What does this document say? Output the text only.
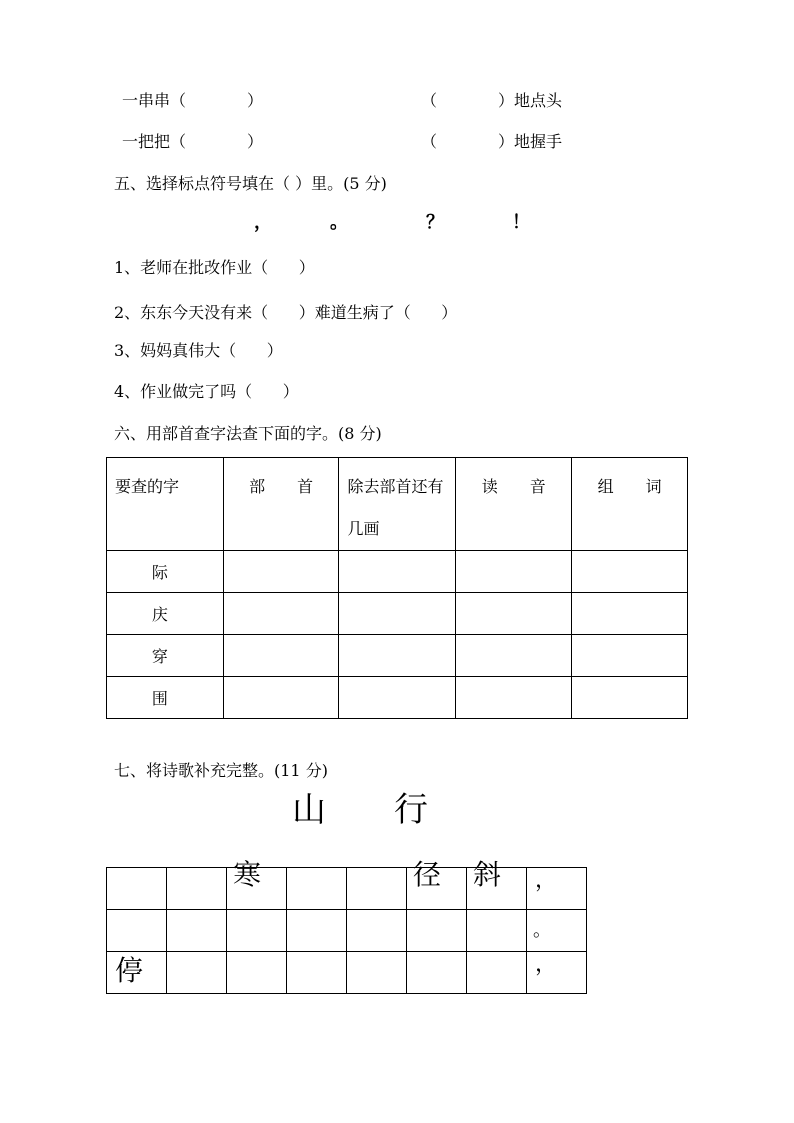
一串串（            ）	（            ）地点头
一把把（            ）	（            ）地握手
五、选择标点符号填在（ ）里。(5 分)
，	。	？	！
1、老师在批改作业（      ）
2、东东今天没有来（      ）难道生病了（      ）
3、妈妈真伟大（      ）
4、作业做完了吗（      ）
六、用部首查字法查下面的字。(8 分)
要查的字	部　　首	除去部首还有几画	读　　音	组　　词

际				

庆				

穿				

围				

七、将诗歌补充完整。(11 分)
山　　行
寒	径 斜 ，
。
停	，
